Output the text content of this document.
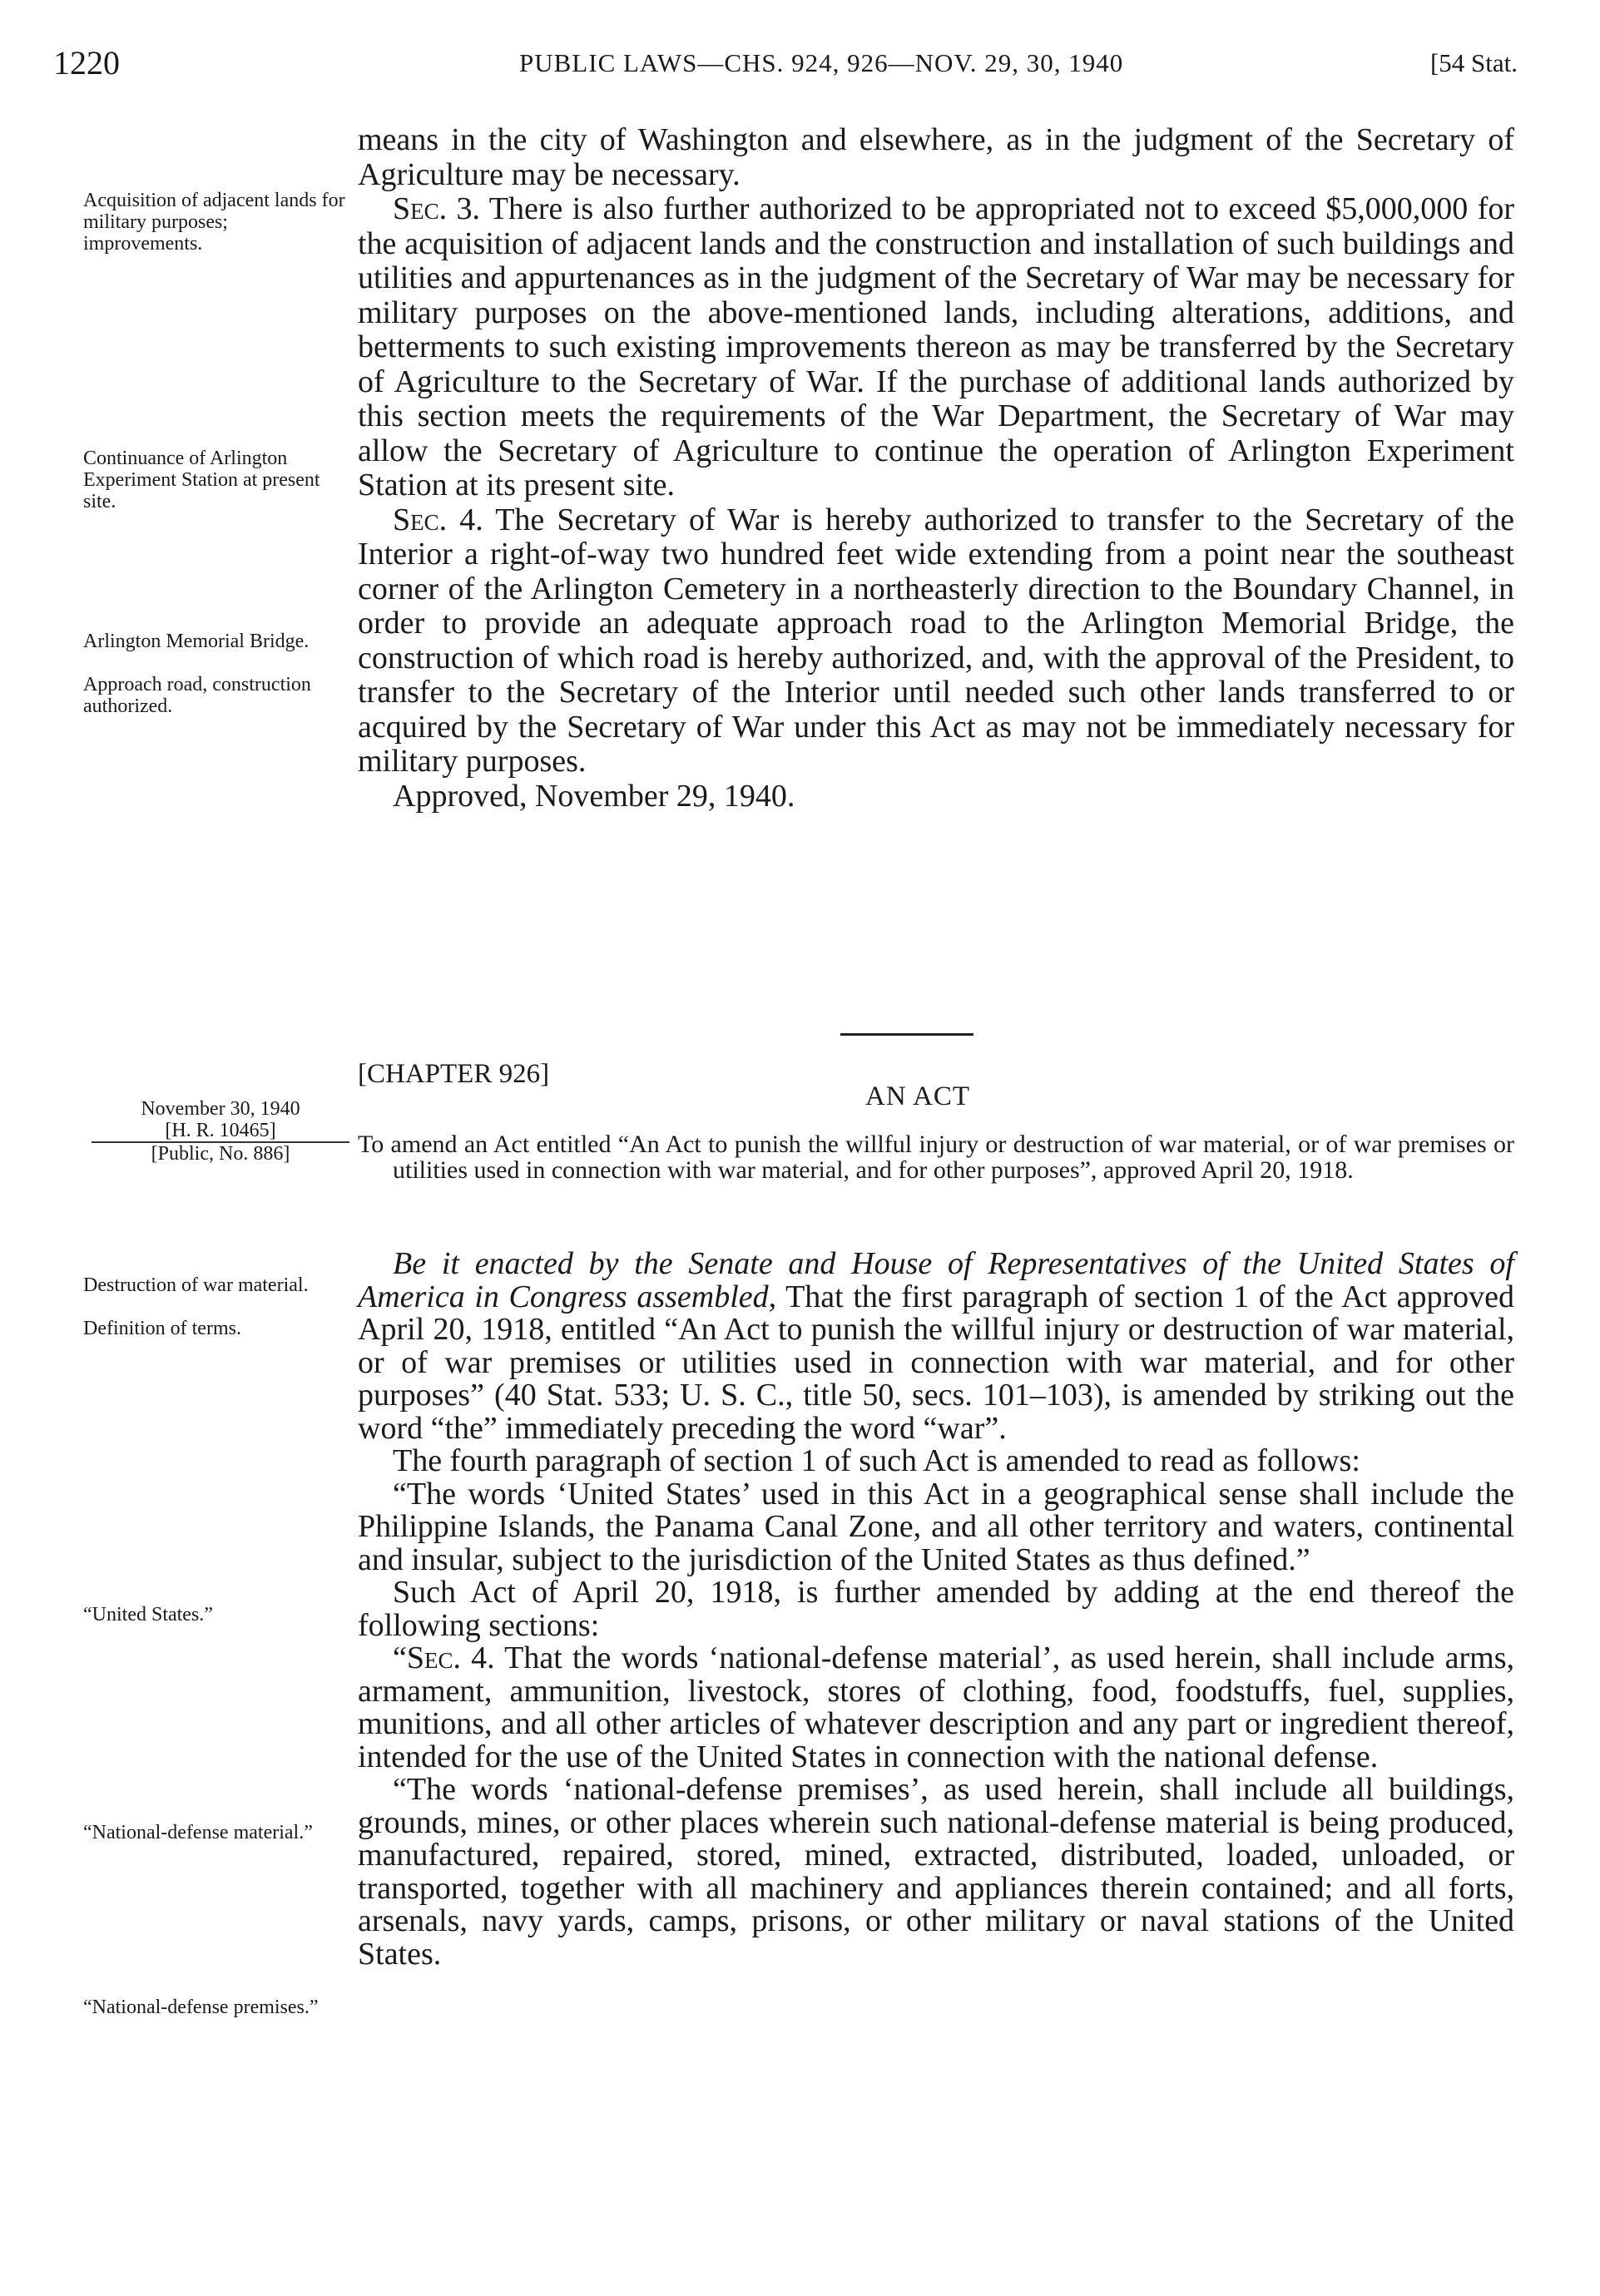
1220	PUBLIC LAWS—CHS. 924, 926—NOV. 29, 30, 1940	[54 Stat.
Acquisition of adjacent lands for military purposes; improvements.
Continuance of Arlington Experiment Station at present site.
Arlington Memorial Bridge.
Approach road, construction authorized.

means in the city of Washington and elsewhere, as in the judgment of the Secretary of Agriculture may be necessary.

Sec. 3. There is also further authorized to be appropriated not to exceed $5,000,000 for the acquisition of adjacent lands and the construction and installation of such buildings and utilities and appurtenances as in the judgment of the Secretary of War may be necessary for military purposes on the above-mentioned lands, including alterations, additions, and betterments to such existing improvements thereon as may be transferred by the Secretary of Agriculture to the Secretary of War. If the purchase of additional lands authorized by this section meets the requirements of the War Department, the Secretary of War may allow the Secretary of Agriculture to continue the operation of Arlington Experiment Station at its present site.

Sec. 4. The Secretary of War is hereby authorized to transfer to the Secretary of the Interior a right-of-way two hundred feet wide extending from a point near the southeast corner of the Arlington Cemetery in a northeasterly direction to the Boundary Channel, in order to provide an adequate approach road to the Arlington Memorial Bridge, the construction of which road is hereby authorized, and, with the approval of the President, to transfer to the Secretary of the Interior until needed such other lands transferred to or acquired by the Secretary of War under this Act as may not be immediately necessary for military purposes.

Approved, November 29, 1940.

[CHAPTER 926]
AN ACT
November 30, 1940
[H. R. 10465]
[Public, No. 886]	To amend an Act entitled “An Act to punish the willful injury or destruction of war material, or of war premises or utilities used in connection with war material, and for other purposes”, approved April 20, 1918.

Destruction of war material.
Definition of terms.
“United States.”
“National-defense material.”
“National-defense premises.”

Be it enacted by the Senate and House of Representatives of the United States of America in Congress assembled, That the first paragraph of section 1 of the Act approved April 20, 1918, entitled “An Act to punish the willful injury or destruction of war material, or of war premises or utilities used in connection with war material, and for other purposes” (40 Stat. 533; U. S. C., title 50, secs. 101–103), is amended by striking out the word “the” immediately preceding the word “war”.

The fourth paragraph of section 1 of such Act is amended to read as follows:

“The words ‘United States’ used in this Act in a geographical sense shall include the Philippine Islands, the Panama Canal Zone, and all other territory and waters, continental and insular, subject to the jurisdiction of the United States as thus defined.”

Such Act of April 20, 1918, is further amended by adding at the end thereof the following sections:

“Sec. 4. That the words ‘national-defense material’, as used herein, shall include arms, armament, ammunition, livestock, stores of clothing, food, foodstuffs, fuel, supplies, munitions, and all other articles of whatever description and any part or ingredient thereof, intended for the use of the United States in connection with the national defense.

“The words ‘national-defense premises’, as used herein, shall include all buildings, grounds, mines, or other places wherein such national-defense material is being produced, manufactured, repaired, stored, mined, extracted, distributed, loaded, unloaded, or transported, together with all machinery and appliances therein contained; and all forts, arsenals, navy yards, camps, prisons, or other military or naval stations of the United States.
